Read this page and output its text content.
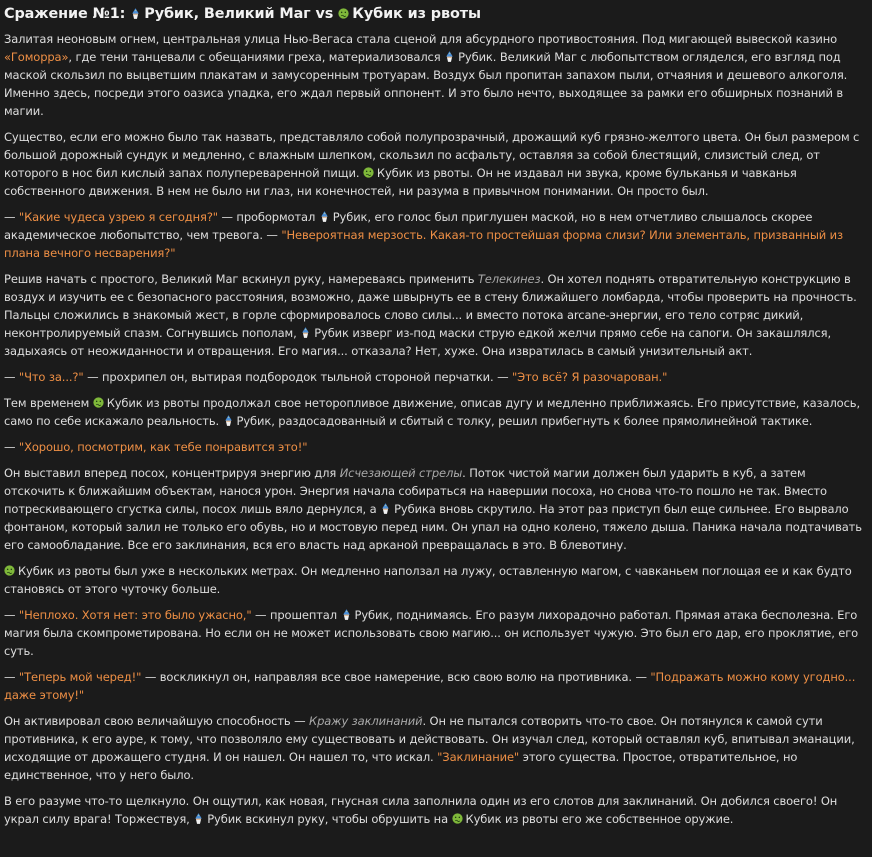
Сражение №1:
Рубик, Великий Маг vs
Кубик из рвоты

Залитая неоновым огнем, центральная улица Нью-Вегаса стала сценой для абсурдного противостояния. Под мигающей вывеской казино «Гоморра», где тени танцевали с обещаниями греха, материализовался
Рубик. Великий Маг с любопытством огляделся, его взгляд под маской скользил по выцветшим плакатам и замусоренным тротуарам. Воздух был пропитан запахом пыли, отчаяния и дешевого алкоголя. Именно здесь, посреди этого оазиса упадка, его ждал первый оппонент. И это было нечто, выходящее за рамки его обширных познаний в магии.

Существо, если его можно было так назвать, представляло собой полупрозрачный, дрожащий куб грязно-желтого цвета. Он был размером с большой дорожный сундук и медленно, с влажным шлепком, скользил по асфальту, оставляя за собой блестящий, слизистый след, от которого в нос бил кислый запах полупереваренной пищи.
Кубик из рвоты. Он не издавал ни звука, кроме бульканья и чавканья собственного движения. В нем не было ни глаз, ни конечностей, ни разума в привычном понимании. Он просто был.

— "Какие чудеса узрею я сегодня?" — пробормотал
Рубик, его голос был приглушен маской, но в нем отчетливо слышалось скорее академическое любопытство, чем тревога. — "Невероятная мерзость. Какая-то простейшая форма слизи? Или элементаль, призванный из плана вечного несварения?"

Решив начать с простого, Великий Маг вскинул руку, намереваясь применить Телекинез. Он хотел поднять отвратительную конструкцию в воздух и изучить ее с безопасного расстояния, возможно, даже швырнуть ее в стену ближайшего ломбарда, чтобы проверить на прочность. Пальцы сложились в знакомый жест, в горле сформировалось слово силы... и вместо потока arcane-энергии, его тело сотряс дикий, неконтролируемый спазм. Согнувшись пополам,
Рубик изверг из-под маски струю едкой желчи прямо себе на сапоги. Он закашлялся, задыхаясь от неожиданности и отвращения. Его магия... отказала? Нет, хуже. Она извратилась в самый унизительный акт.

— "Что за...?" — прохрипел он, вытирая подбородок тыльной стороной перчатки. — "Это всё? Я разочарован."

Тем временем
Кубик из рвоты продолжал свое неторопливое движение, описав дугу и медленно приближаясь. Его присутствие, казалось, само по себе искажало реальность.
Рубик, раздосадованный и сбитый с толку, решил прибегнуть к более прямолинейной тактике.

— "Хорошо, посмотрим, как тебе понравится это!"

Он выставил вперед посох, концентрируя энергию для Исчезающей стрелы. Поток чистой магии должен был ударить в куб, а затем отскочить к ближайшим объектам, нанося урон. Энергия начала собираться на навершии посоха, но снова что-то пошло не так. Вместо потрескивающего сгустка силы, посох лишь вяло дернулся, а
Рубика вновь скрутило. На этот раз приступ был еще сильнее. Его вырвало фонтаном, который залил не только его обувь, но и мостовую перед ним. Он упал на одно колено, тяжело дыша. Паника начала подтачивать его самообладание. Все его заклинания, вся его власть над арканой превращалась в это. В блевотину.

Кубик из рвоты был уже в нескольких метрах. Он медленно наползал на лужу, оставленную магом, с чавканьем поглощая ее и как будто становясь от этого чуточку больше.

— "Неплохо. Хотя нет: это было ужасно," — прошептал
Рубик, поднимаясь. Его разум лихорадочно работал. Прямая атака бесполезна. Его магия была скомпрометирована. Но если он не может использовать свою магию... он использует чужую. Это был его дар, его проклятие, его суть.

— "Теперь мой черед!" — воскликнул он, направляя все свое намерение, всю свою волю на противника. — "Подражать можно кому угодно... даже этому!"

Он активировал свою величайшую способность — Кражу заклинаний. Он не пытался сотворить что-то свое. Он потянулся к самой сути противника, к его ауре, к тому, что позволяло ему существовать и действовать. Он изучал след, который оставлял куб, впитывал эманации, исходящие от дрожащего студня. И он нашел. Он нашел то, что искал. "Заклинание" этого существа. Простое, отвратительное, но единственное, что у него было.

В его разуме что-то щелкнуло. Он ощутил, как новая, гнусная сила заполнила один из его слотов для заклинаний. Он добился своего! Он украл силу врага! Торжествуя,
Рубик вскинул руку, чтобы обрушить на
Кубик из рвоты его же собственное оружие.
